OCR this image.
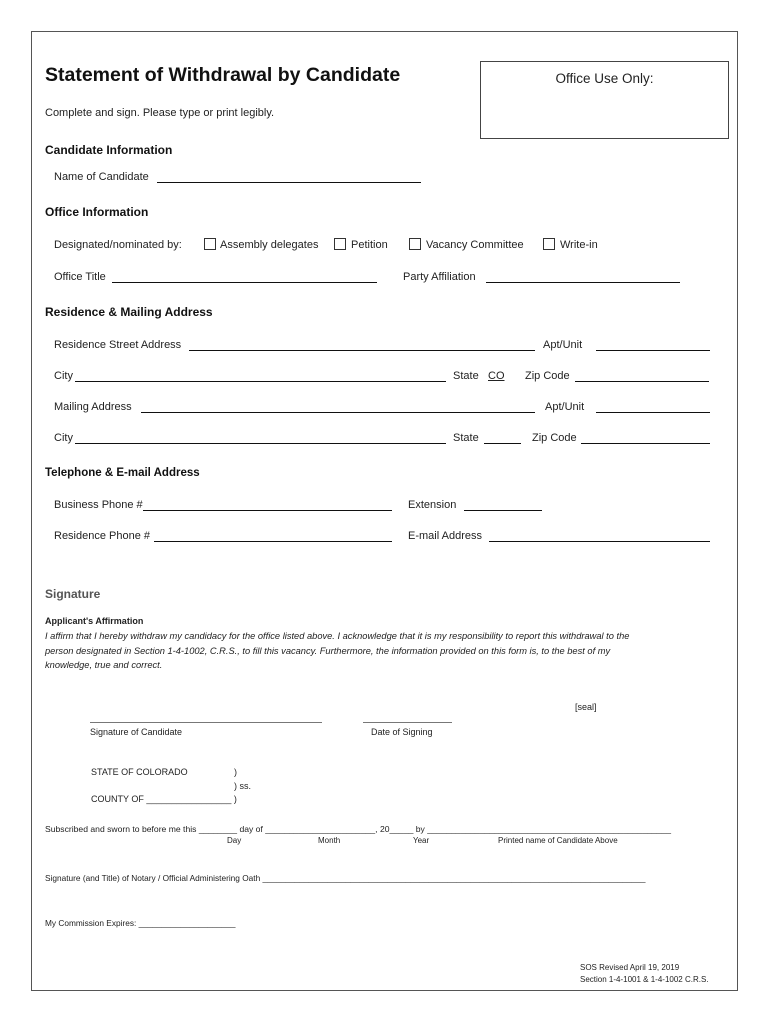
Statement of Withdrawal by Candidate	Office Use Only:
Complete and sign. Please type or print legibly.
Candidate Information
Name of Candidate
Office Information
Designated/nominated by:	Assembly delegates	Petition	Vacancy Committee	Write-in
Office Title	Party Affiliation
Residence & Mailing Address
Residence Street Address	Apt/Unit
City	State CO Zip Code
Mailing Address	Apt/Unit
City	State	Zip Code
Telephone & E-mail Address
Business Phone #	Extension
Residence Phone #	E-mail Address
Signature
Applicant's Affirmation
I affirm that I hereby withdraw my candidacy for the office listed above. I acknowledge that it is my responsibility to report this withdrawal to the
person designated in Section 1-4-1002, C.R.S., to fill this vacancy. Furthermore, the information provided on this form is, to the best of my
knowledge, true and correct.
[seal]
Signature of Candidate	Date of Signing
STATE OF COLORADO	)
) ss.
COUNTY OF _________________ )
Subscribed and sworn to before me this ________ day of _______________________, 20_____ by ___________________________________________________
Day	Month	Year	Printed name of Candidate Above
Signature (and Title) of Notary / Official Administering Oath ___________________________________________________________________________________
My Commission Expires: _____________________
SOS Revised April 19, 2019
Section 1-4-1001 & 1-4-1002 C.R.S.
